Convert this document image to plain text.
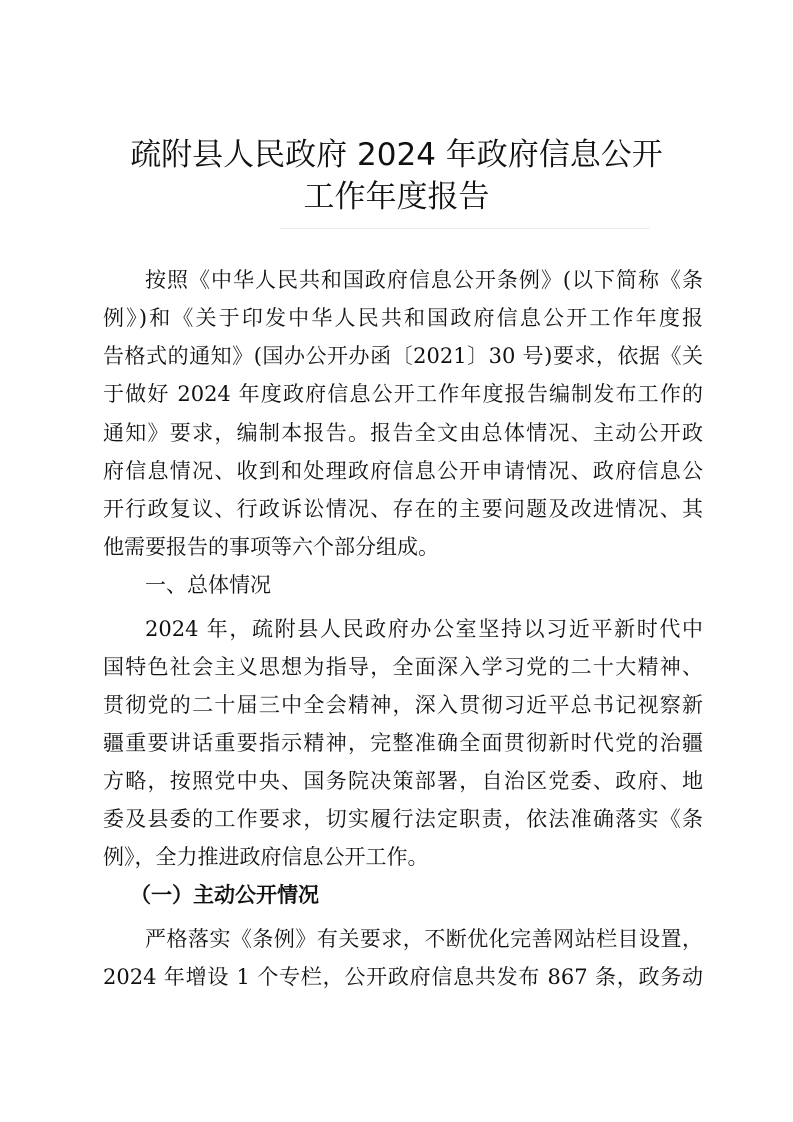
疏附县人民政府 2024 年政府信息公开
工作年度报告
按照《中华人民共和国政府信息公开条例》(以下简称《条
例》)和《关于印发中华人民共和国政府信息公开工作年度报
告格式的通知》(国办公开办函〔2021〕30 号)要求，依据《关
于做好 2024 年度政府信息公开工作年度报告编制发布工作的
通知》要求，编制本报告。报告全文由总体情况、主动公开政
府信息情况、收到和处理政府信息公开申请情况、政府信息公
开行政复议、行政诉讼情况、存在的主要问题及改进情况、其
他需要报告的事项等六个部分组成。
一、总体情况
2024 年，疏附县人民政府办公室坚持以习近平新时代中
国特色社会主义思想为指导，全面深入学习党的二十大精神、
贯彻党的二十届三中全会精神，深入贯彻习近平总书记视察新
疆重要讲话重要指示精神，完整准确全面贯彻新时代党的治疆
方略，按照党中央、国务院决策部署，自治区党委、政府、地
委及县委的工作要求，切实履行法定职责，依法准确落实《条
例》，全力推进政府信息公开工作。
（一）主动公开情况
严格落实《条例》有关要求，不断优化完善网站栏目设置，
2024 年增设 1 个专栏，公开政府信息共发布 867 条，政务动
